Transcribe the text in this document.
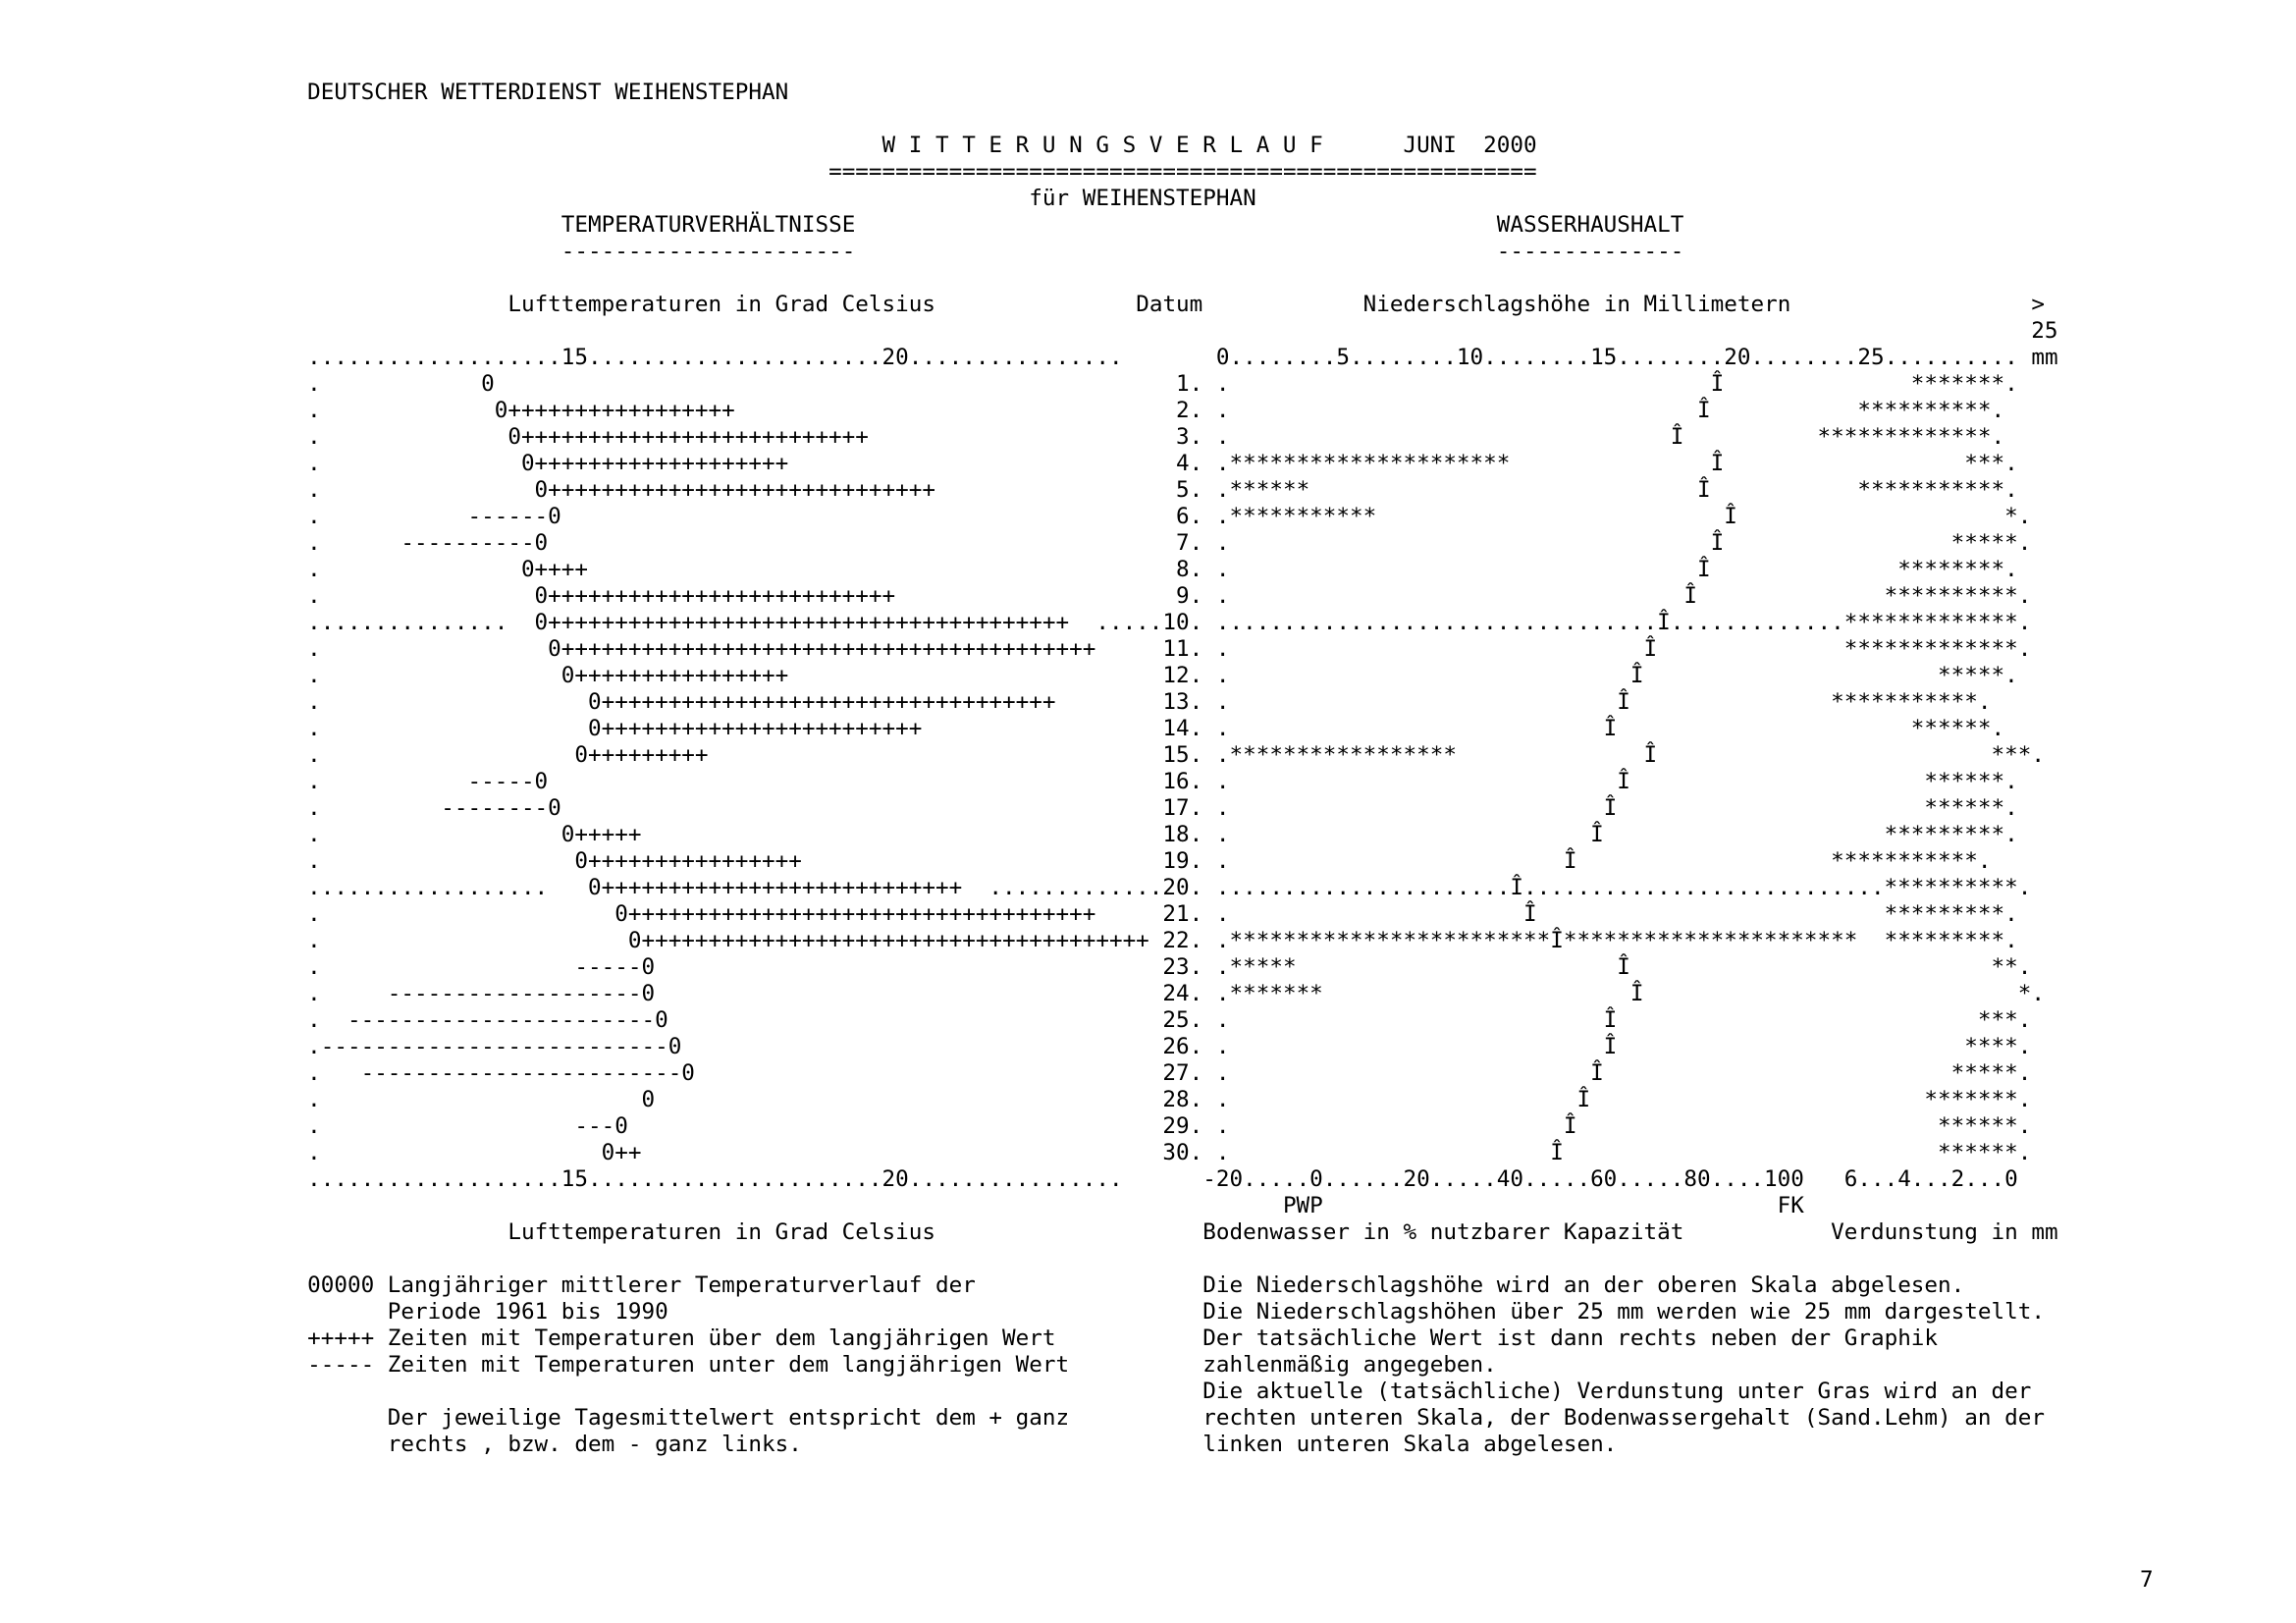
DEUTSCHER WETTERDIENST WEIHENSTEPHAN
W I T T E R U N G S V E R L A U F      JUNI  2000
=====================================================
für WEIHENSTEPHAN
TEMPERATURVERHÄLTNISSE	WASSERHAUSHALT
----------------------	--------------
Lufttemperaturen in Grad Celsius	Datum	Niederschlagshöhe in Millimetern	>
25
...................15......................20................	0........5........10........15........20........25.......... mm
.            0	1. .                                    Î              *******.
.             0+++++++++++++++++	2. .                                   Î           **********.
.              0++++++++++++++++++++++++++	3. .                                 Î          *************.
.               0+++++++++++++++++++	4. .*********************               Î                  ***.
.                0+++++++++++++++++++++++++++++	5. .******                             Î           ***********.
.           ------0	6. .***********                          Î                    *.
.      ----------0	7. .                                    Î                 *****.
.               0++++	8. .                                   Î              ********.
.                0++++++++++++++++++++++++++	9. .                                  Î              **********.
...............  0+++++++++++++++++++++++++++++++++++++++  .....10. .................................Î.............*************.
.                 0++++++++++++++++++++++++++++++++++++++++	11. .                               Î              *************.
.                  0++++++++++++++++	12. .                              Î                      *****.
.                    0++++++++++++++++++++++++++++++++++	13. .                             Î               ***********.
.                    0++++++++++++++++++++++++	14. .                            Î                      ******.
.                   0+++++++++	15. .*****************              Î                         ***.
.           -----0	16. .                             Î                      ******.
.         --------0	17. .                            Î                       ******.
.                  0+++++	18. .                           Î                     *********.
.                   0++++++++++++++++	19. .                         Î                   ***********.
..................   0+++++++++++++++++++++++++++  .............20. ......................Î...........................**********.
.                      0+++++++++++++++++++++++++++++++++++	21. .                      Î                          *********.
.                       0++++++++++++++++++++++++++++++++++++++ 22. .************************Î**********************  *********.
.                   -----0	23. .*****                        Î                           **.
.     -------------------0	24. .*******                       Î                            *.
.  -----------------------0	25. .                            Î                           ***.
.--------------------------0	26. .                            Î                          ****.
.   ------------------------0	27. .                           Î                          *****.
.                        0	28. .                          Î                         *******.
.                   ---0	29. .                         Î                           ******.
.                     0++	30. .                        Î                            ******.
...................15......................20................	-20.....0......20.....40.....60.....80....100 6...4...2...0
PWP	FK
Lufttemperaturen in Grad Celsius	Bodenwasser in % nutzbarer Kapazität	Verdunstung in mm
00000 Langjähriger mittlerer Temperaturverlauf der	Die Niederschlagshöhe wird an der oberen Skala abgelesen.
Periode 1961 bis 1990	Die Niederschlagshöhen über 25 mm werden wie 25 mm dargestellt.
+++++ Zeiten mit Temperaturen über dem langjährigen Wert	Der tatsächliche Wert ist dann rechts neben der Graphik
----- Zeiten mit Temperaturen unter dem langjährigen Wert	zahlenmäßig angegeben.
Die aktuelle (tatsächliche) Verdunstung unter Gras wird an der
Der jeweilige Tagesmittelwert entspricht dem + ganz	rechten unteren Skala, der Bodenwassergehalt (Sand.Lehm) an der
rechts , bzw. dem - ganz links.	linken unteren Skala abgelesen.
7
